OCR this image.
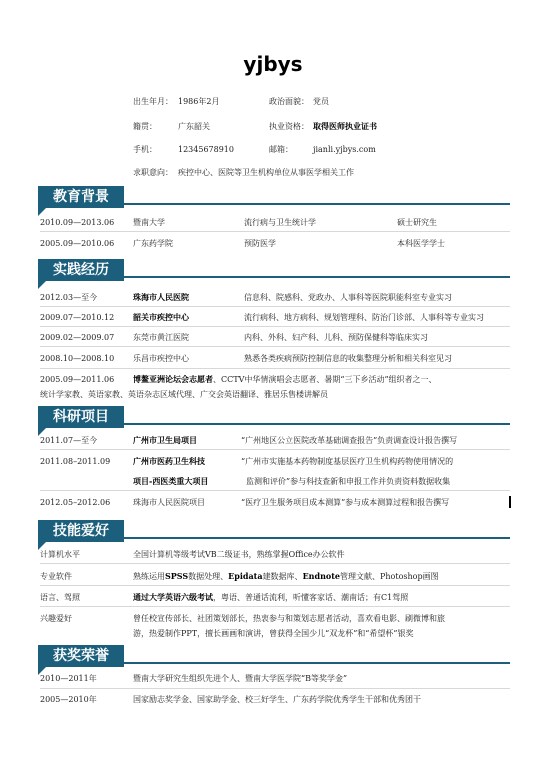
yjbys
出生年月： 1986年2月	政治面貌： 党员
籍贯：	广东韶关	执业资格： 取得医师执业证书
手机：	12345678910	邮箱：	jianli.yjbys.com
求职意向： 疾控中心、医院等卫生机构单位从事医学相关工作
教育背景
2010.09—2013.06 暨南大学	流行病与卫生统计学	硕士研究生
2005.09—2010.06 广东药学院	预防医学	本科医学学士
实践经历
2012.03—至今	珠海市人民医院	信息科、院感科、党政办、人事科等医院职能科室专业实习
2009.07—2010.12 韶关市疾控中心	流行病科、地方病科、规划管理科、防治门诊部、人事科等专业实习
2009.02—2009.07 东莞市黄江医院	内科、外科、妇产科、儿科、预防保健科等临床实习
2008.10—2008.10 乐昌市疾控中心	熟悉各类疾病预防控制信息的收集整理分析和相关科室见习
2005.09—2011.06 博鳌亚洲论坛会志愿者、CCTV中华情演唱会志愿者、暑期“三下乡活动”组织者之一、
统计学家教、英语家教、英语杂志区域代理、广交会英语翻译、雅居乐售楼讲解员
科研项目
2011.07—至今	广州市卫生局项目	“广州地区公立医院改革基础调查报告”负责调查设计报告撰写
2011.08–2011.09	广州市医药卫生科技	“广州市实施基本药物制度基层医疗卫生机构药物使用情况的
项目-西医类重大项目	监测和评价”参与科技查新和申报工作并负责资料数据收集
2012.05–2012.06	珠海市人民医院项目	“医疗卫生服务项目成本测算”参与成本测算过程和报告撰写
技能爱好
计算机水平	全国计算机等级考试VB二级证书，熟练掌握Office办公软件
专业软件	熟练运用SPSS数据处理、Epidata建数据库、Endnote管理文献、Photoshop画图
语言、驾照	通过大学英语六级考试，粤语、普通话流利，听懂客家话、潮南话；有C1驾照
兴趣爱好	曾任校宣传部长、社团策划部长，热衷参与和策划志愿者活动，喜欢看电影、刷微博和旅
游，热爱制作PPT，擅长画画和演讲，曾获得全国少儿“双龙杯”和“希望杯”银奖
获奖荣誉
2010—2011年	暨南大学研究生组织先进个人、暨南大学医学院“B等奖学金”
2005—2010年	国家励志奖学金、国家助学金、校三好学生、广东药学院优秀学生干部和优秀团干
